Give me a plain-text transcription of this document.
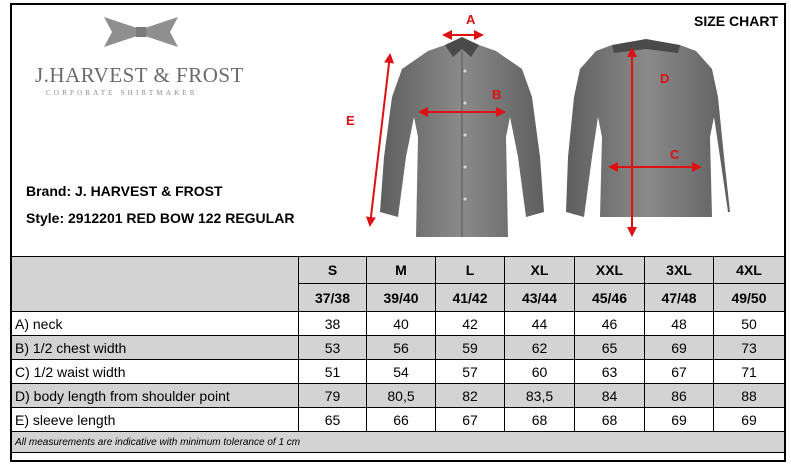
J.HARVEST & FROST
CORPORATE SHIRTMAKER
Brand: J. HARVEST & FROST
Style: 2912201 RED BOW 122 REGULAR
SIZE CHART
A
B
E
D
C
	S	M	L	XL	XXL	3XL	4XL
	37/38	39/40	41/42	43/44	45/46	47/48	49/50
A) neck	38	40	42	44	46	48	50
B) 1/2 chest width	53	56	59	62	65	69	73
C) 1/2 waist width	51	54	57	60	63	67	71
D) body length from shoulder point	79	80,5	82	83,5	84	86	88
E) sleeve length	65	66	67	68	68	69	69
All measurements are indicative with minimum tolerance of 1 cm							
